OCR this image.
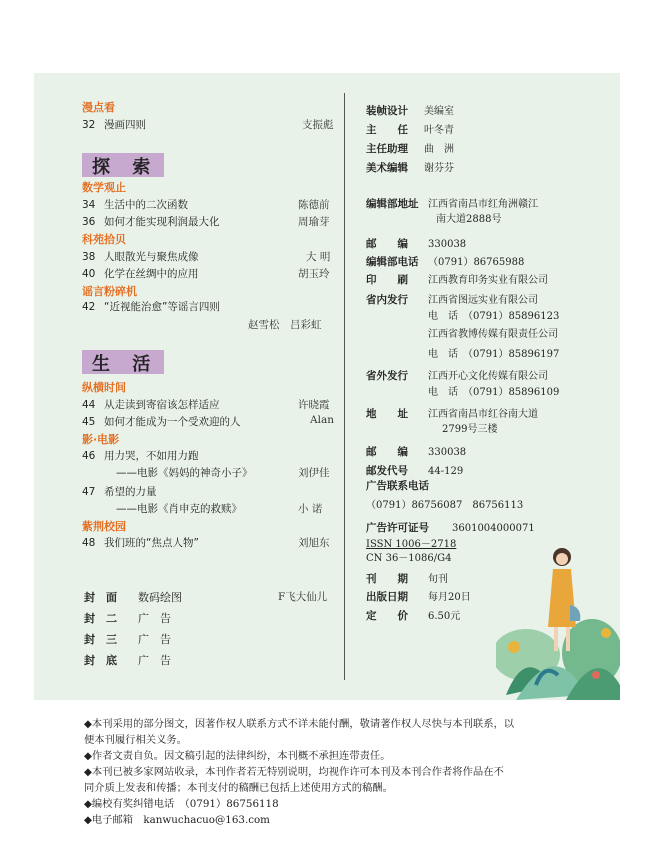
漫点看
32 漫画四则	支振彪
探 索
数学观止
34 生活中的二次函数	陈德前
36 如何才能实现利润最大化	周瑜芽
科苑拾贝
38 人眼散光与聚焦成像	大 明
40 化学在丝绸中的应用	胡玉玲
谣言粉碎机
42 “近视能治愈”等谣言四则
赵雪松　吕彩虹
生 活
纵横时间
44 从走读到寄宿该怎样适应	许晓霞
45 如何才能成为一个受欢迎的人	Alan
影·电影
46 用力哭，不如用力跑
——电影《妈妈的神奇小子》	刘伊佳
47 希望的力量
——电影《肖申克的救赎》	小 诺
紫荆校园
48 我们班的“焦点人物”	刘旭东
封　面 数码绘图	F飞大仙儿
封　二 广　告
封　三 广　告
封　底 广　告
装帧设计 美编室
主　　任 叶冬青
主任助理 曲　洲
美术编辑 谢芬芬
编辑部地址 江西省南昌市红角洲赣江
南大道2888号
邮　　编 330038
编辑部电话 （0791）86765988
印　　刷 江西教育印务实业有限公司
省内发行 江西省图远实业有限公司
电　话　（0791）85896123
江西省教博传媒有限责任公司
电　话　（0791）85896197
省外发行 江西开心文化传媒有限公司
电　话　（0791）85896109
地　　址 江西省南昌市红谷南大道
2799号三楼
邮　　编 330038
邮发代号 44-129
广告联系电话
（0791）86756087　86756113
广告许可证号 3601004000071
ISSN 1006－2718
CN 36－1086/G4
刊　　期 旬刊
出版日期 每月20日
定　　价 6.50元
◆本刊采用的部分图文，因著作权人联系方式不详未能付酬，敬请著作权人尽快与本刊联系，以
便本刊履行相关义务。
◆作者文责自负。因文稿引起的法律纠纷，本刊概不承担连带责任。
◆本刊已被多家网站收录，本刊作者若无特别说明，均视作许可本刊及本刊合作者将作品在不
同介质上发表和传播；本刊支付的稿酬已包括上述使用方式的稿酬。
◆编校有奖纠错电话　（0791）86756118
◆电子邮箱　kanwuchacuo@163.com
